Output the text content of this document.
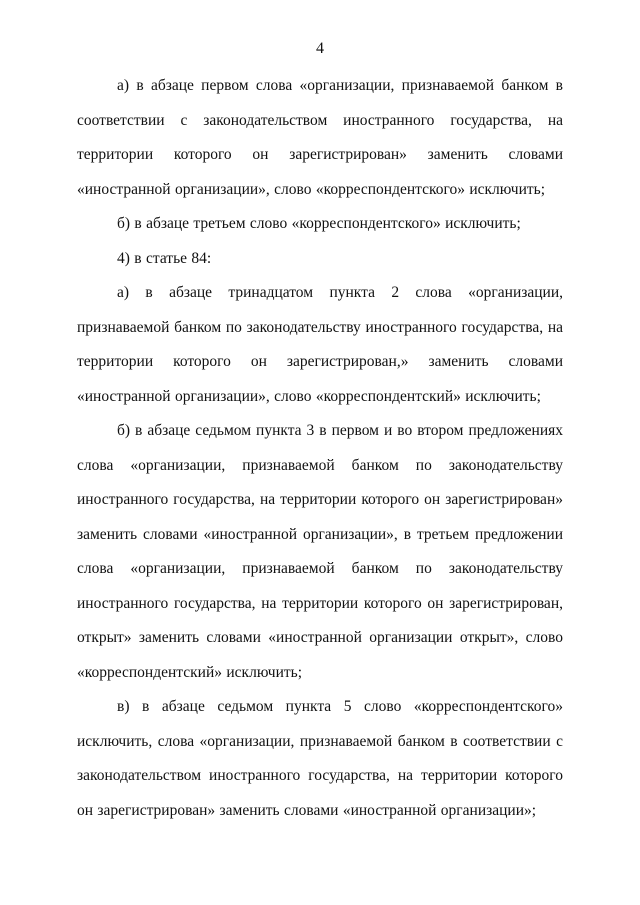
4

а) в абзаце первом слова «организации, признаваемой банком в соответствии с законодательством иностранного государства, на территории которого он зарегистрирован» заменить словами «иностранной организации», слово «корреспондентского» исключить;

б) в абзаце третьем слово «корреспондентского» исключить;

4) в статье 84:

а) в абзаце тринадцатом пункта 2 слова «организации, признаваемой банком по законодательству иностранного государства, на территории которого он зарегистрирован,» заменить словами «иностранной организации», слово «корреспондентский» исключить;

б) в абзаце седьмом пункта 3 в первом и во втором предложениях слова «организации, признаваемой банком по законодательству иностранного государства, на территории которого он зарегистрирован» заменить словами «иностранной организации», в третьем предложении слова «организации, признаваемой банком по законодательству иностранного государства, на территории которого он зарегистрирован, открыт» заменить словами «иностранной организации открыт», слово «корреспондентский» исключить;

в) в абзаце седьмом пункта 5 слово «корреспондентского» исключить, слова «организации, признаваемой банком в соответствии с законодательством иностранного государства, на территории которого он зарегистрирован» заменить словами «иностранной организации»;
